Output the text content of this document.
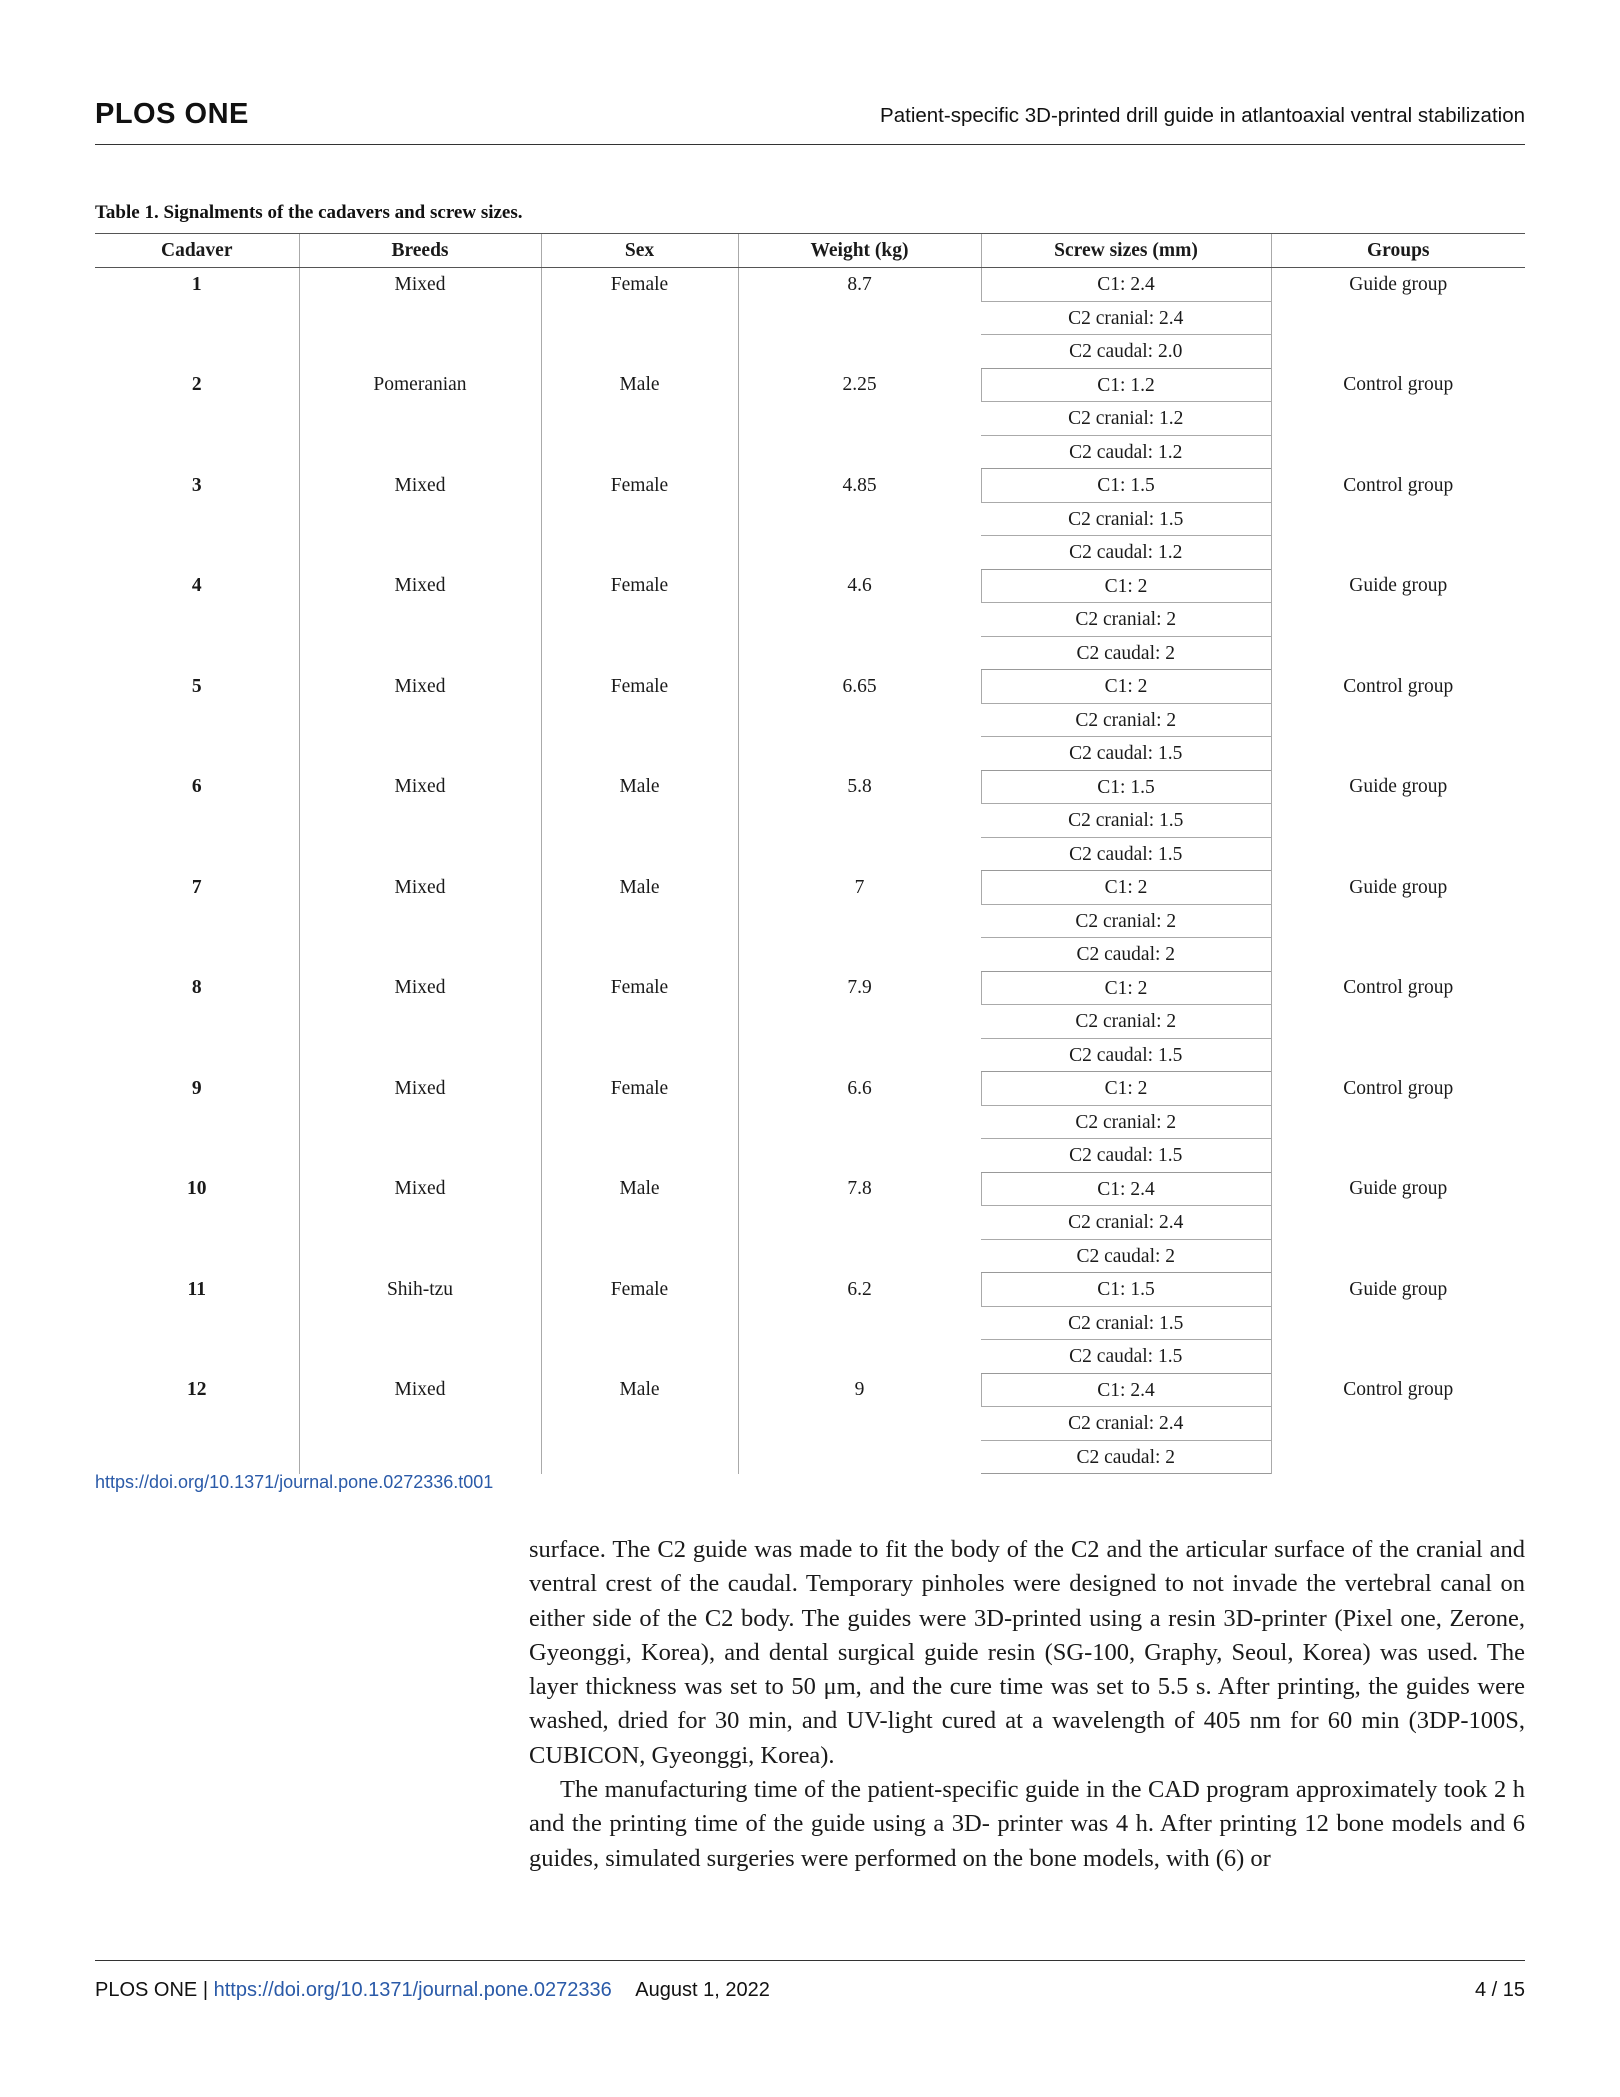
PLOS ONE	Patient-specific 3D-printed drill guide in atlantoaxial ventral stabilization
Table 1. Signalments of the cadavers and screw sizes.
Cadaver	Breeds	Sex	Weight (kg)	Screw sizes (mm)	Groups
1	Mixed	Female	8.7	C1: 2.4	Guide group
				C2 cranial: 2.4	
				C2 caudal: 2.0	
2	Pomeranian	Male	2.25	C1: 1.2	Control group
				C2 cranial: 1.2	
				C2 caudal: 1.2	
3	Mixed	Female	4.85	C1: 1.5	Control group
				C2 cranial: 1.5	
				C2 caudal: 1.2	
4	Mixed	Female	4.6	C1: 2	Guide group
				C2 cranial: 2	
				C2 caudal: 2	
5	Mixed	Female	6.65	C1: 2	Control group
				C2 cranial: 2	
				C2 caudal: 1.5	
6	Mixed	Male	5.8	C1: 1.5	Guide group
				C2 cranial: 1.5	
				C2 caudal: 1.5	
7	Mixed	Male	7	C1: 2	Guide group
				C2 cranial: 2	
				C2 caudal: 2	
8	Mixed	Female	7.9	C1: 2	Control group
				C2 cranial: 2	
				C2 caudal: 1.5	
9	Mixed	Female	6.6	C1: 2	Control group
				C2 cranial: 2	
				C2 caudal: 1.5	
10	Mixed	Male	7.8	C1: 2.4	Guide group
				C2 cranial: 2.4	
				C2 caudal: 2	
11	Shih-tzu	Female	6.2	C1: 1.5	Guide group
				C2 cranial: 1.5	
				C2 caudal: 1.5	
12	Mixed	Male	9	C1: 2.4	Control group
				C2 cranial: 2.4	
				C2 caudal: 2	
https://doi.org/10.1371/journal.pone.0272336.t001

surface. The C2 guide was made to fit the body of the C2 and the articular surface of the cranial and ventral crest of the caudal. Temporary pinholes were designed to not invade the vertebral canal on either side of the C2 body. The guides were 3D-printed using a resin 3D-printer (Pixel one, Zerone, Gyeonggi, Korea), and dental surgical guide resin (SG-100, Graphy, Seoul, Korea) was used. The layer thickness was set to 50 μm, and the cure time was set to 5.5 s. After printing, the guides were washed, dried for 30 min, and UV-light cured at a wavelength of 405 nm for 60 min (3DP-100S, CUBICON, Gyeonggi, Korea).

The manufacturing time of the patient-specific guide in the CAD program approximately took 2 h and the printing time of the guide using a 3D- printer was 4 h. After printing 12 bone models and 6 guides, simulated surgeries were performed on the bone models, with (6) or

PLOS ONE | https://doi.org/10.1371/journal.pone.0272336 August 1, 2022	4 / 15
